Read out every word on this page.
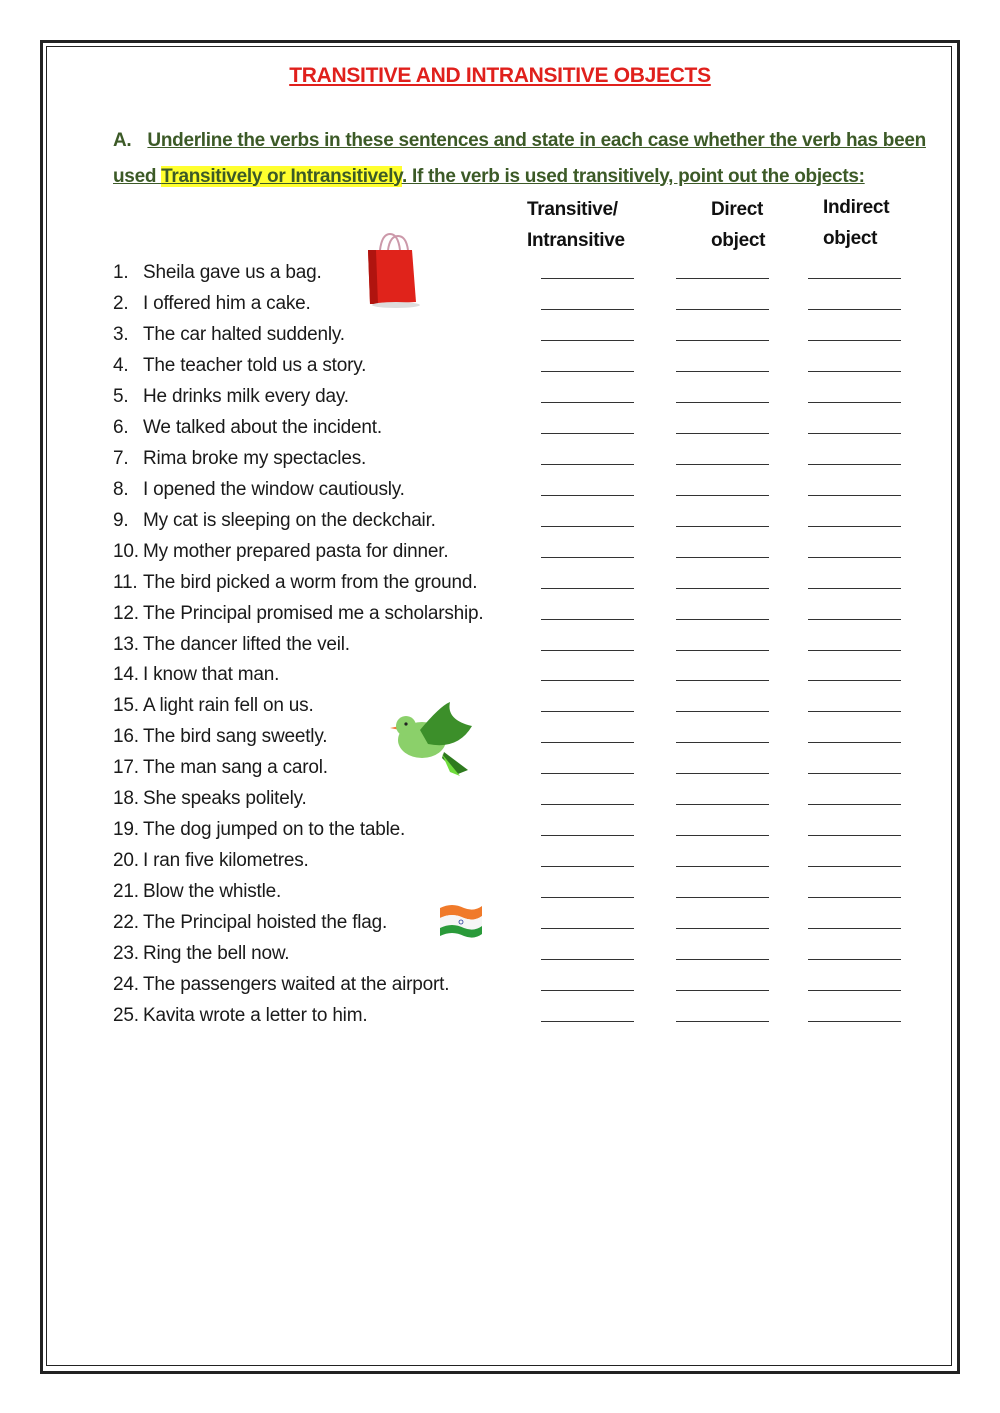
TRANSITIVE AND INTRANSITIVE OBJECTS
A. Underline the verbs in these sentences and state in each case whether the verb has been used Transitively or Intransitively. If the verb is used transitively, point out the objects:
Transitive/
Intransitive
Direct
object
Indirect
object
1. Sheila gave us a bag.
2. I offered him a cake.
3. The car halted suddenly.
4. The teacher told us a story.
5. He drinks milk every day.
6. We talked about the incident.
7. Rima broke my spectacles.
8. I opened the window cautiously.
9. My cat is sleeping on the deckchair.
10. My mother prepared pasta for dinner.
11. The bird picked a worm from the ground.
12. The Principal promised me a scholarship.
13. The dancer lifted the veil.
14. I know that man.
15. A light rain fell on us.
16. The bird sang sweetly.
17. The man sang a carol.
18. She speaks politely.
19. The dog jumped on to the table.
20. I ran five kilometres.
21. Blow the whistle.
22. The Principal hoisted the flag.
23. Ring the bell now.
24. The passengers waited at the airport.
25. Kavita wrote a letter to him.
